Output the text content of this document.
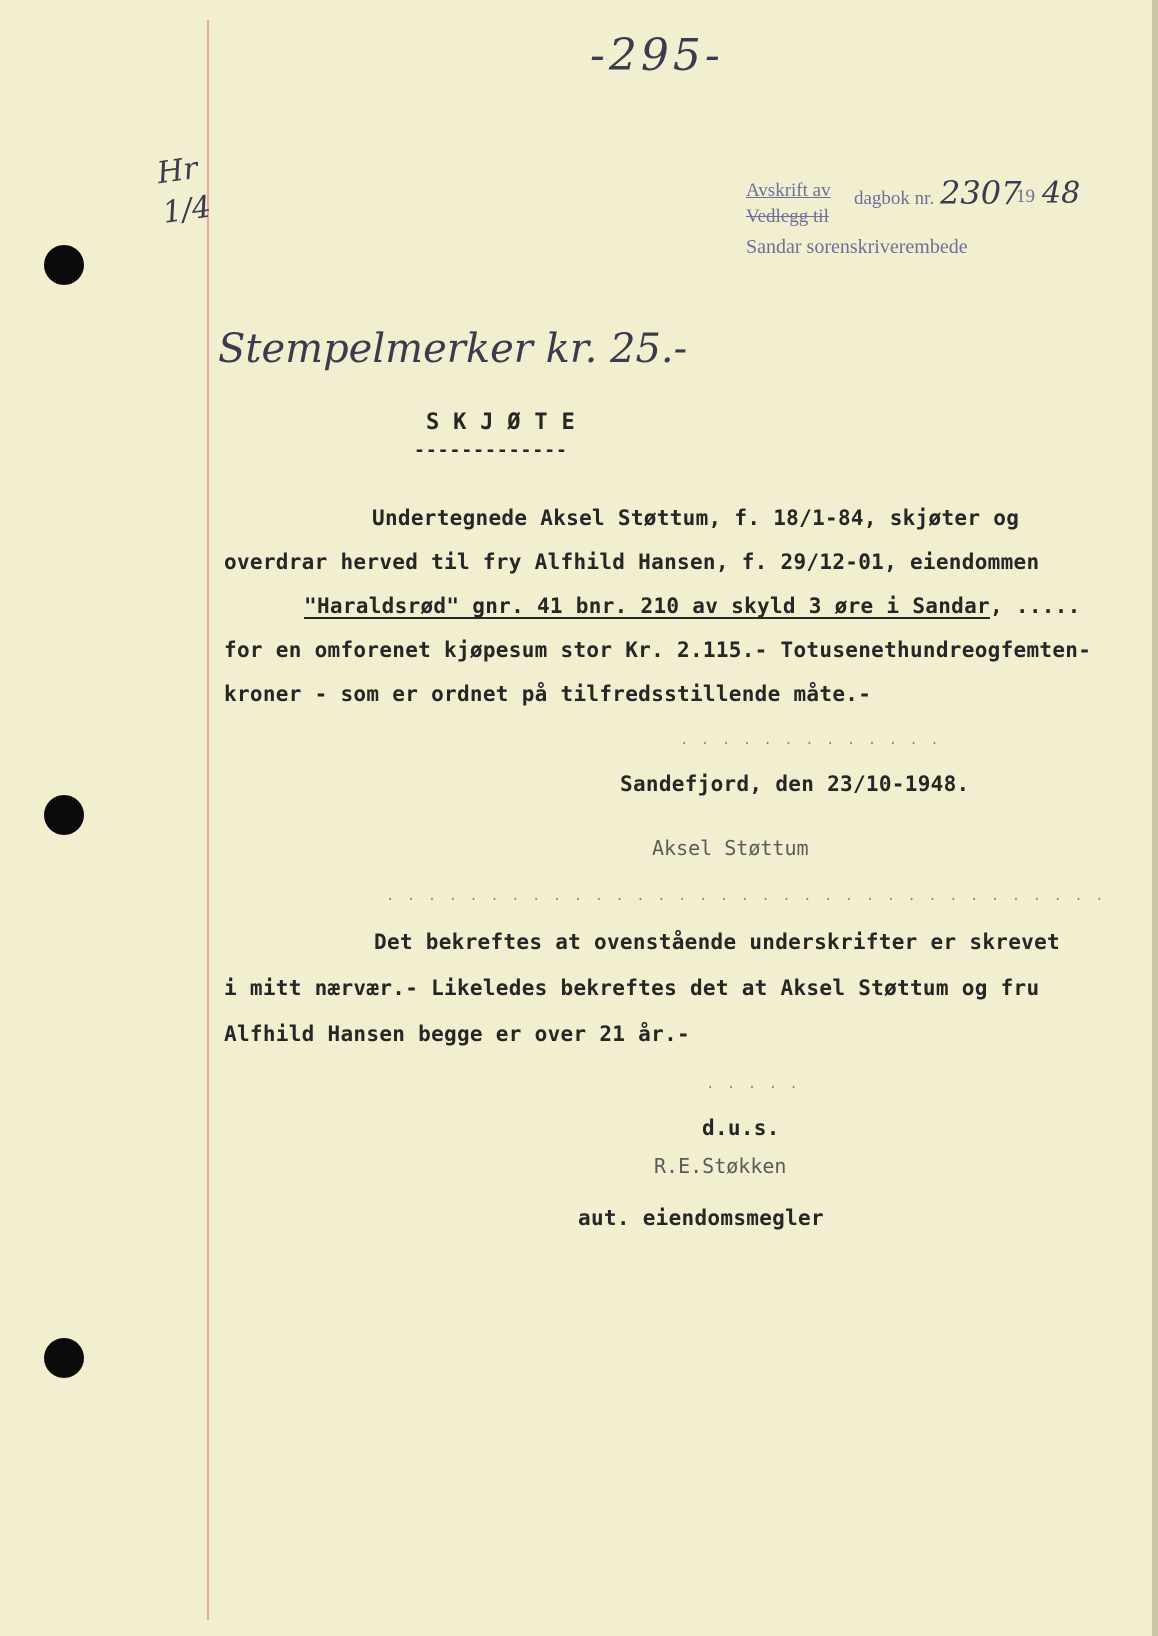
-295-
Hr 1/4	Avskrift av dagbok nr. 2307
19 48
Vedlegg til
Sandar sorenskriverembede
Stempelmerker kr. 25.-
S K J Ø T E
-------------
Undertegnede Aksel Støttum, f. 18/1-84, skjøter og
overdrar herved til fry Alfhild Hansen, f. 29/12-01, eiendommen
"Haraldsrød" gnr. 41 bnr. 210 av skyld 3 øre i Sandar, .....
for en omforenet kjøpesum stor Kr. 2.115.- Totusenethundreogfemten-
kroner - som er ordnet på tilfredsstillende måte.-
. . . . . . . . . . . . .
Sandefjord, den 23/10-1948.
Aksel Støttum
. . . . . . . . . . . . . . . . . . . . . . . . . . . . . . . . . . .
Det bekreftes at ovenstående underskrifter er skrevet
i mitt nærvær.- Likeledes bekreftes det at Aksel Støttum og fru
Alfhild Hansen begge er over 21 år.-
. . . . .
d.u.s.
R.E.Støkken
aut. eiendomsmegler
